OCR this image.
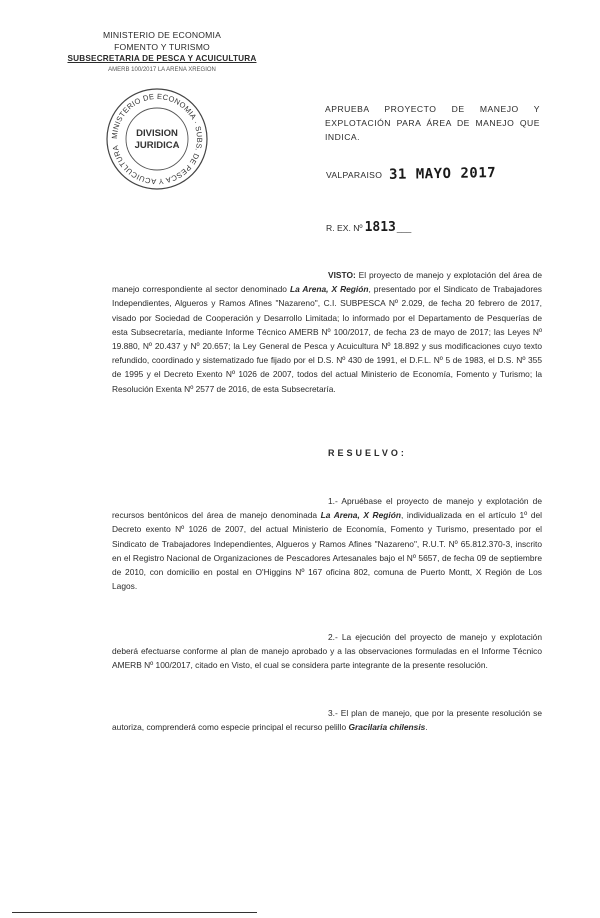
MINISTERIO DE ECONOMIA
FOMENTO Y TURISMO
SUBSECRETARIA DE PESCA Y ACUICULTURA
AMERB 100/2017 LA ARENA XREGION
MINISTERIO DE ECONOMIA · SUBS. DE PESCA Y ACUICULTURA
DIVISION
JURIDICA
APRUEBA PROYECTO DE MANEJO Y EXPLOTACIÓN PARA ÁREA DE MANEJO QUE INDICA.
VALPARAISO 31 MAYO 2017
R. EX. Nº 1813___
VISTO: El proyecto de manejo y explotación del área de manejo correspondiente al sector denominado La Arena, X Región, presentado por el Sindicato de Trabajadores Independientes, Algueros y Ramos Afines "Nazareno", C.I. SUBPESCA Nº 2.029, de fecha 20 febrero de 2017, visado por Sociedad de Cooperación y Desarrollo Limitada; lo informado por el Departamento de Pesquerías de esta Subsecretaría, mediante Informe Técnico AMERB Nº 100/2017, de fecha 23 de mayo de 2017; las Leyes Nº 19.880, Nº 20.437 y Nº 20.657; la Ley General de Pesca y Acuicultura Nº 18.892 y sus modificaciones cuyo texto refundido, coordinado y sistematizado fue fijado por el D.S. Nº 430 de 1991, el D.F.L. Nº 5 de 1983, el D.S. Nº 355 de 1995 y el Decreto Exento Nº 1026 de 2007, todos del actual Ministerio de Economía, Fomento y Turismo; la Resolución Exenta Nº 2577 de 2016, de esta Subsecretaría.
RESUELVO:
1.- Apruébase el proyecto de manejo y explotación de recursos bentónicos del área de manejo denominada La Arena, X Región, individualizada en el artículo 1º del Decreto exento Nº 1026 de 2007, del actual Ministerio de Economía, Fomento y Turismo, presentado por el Sindicato de Trabajadores Independientes, Algueros y Ramos Afines "Nazareno", R.U.T. Nº 65.812.370-3, inscrito en el Registro Nacional de Organizaciones de Pescadores Artesanales bajo el Nº 5657, de fecha 09 de septiembre de 2010, con domicilio en postal en O'Higgins Nº 167 oficina 802, comuna de Puerto Montt, X Región de Los Lagos.
2.- La ejecución del proyecto de manejo y explotación deberá efectuarse conforme al plan de manejo aprobado y a las observaciones formuladas en el Informe Técnico AMERB Nº 100/2017, citado en Visto, el cual se considera parte integrante de la presente resolución.
3.- El plan de manejo, que por la presente resolución se autoriza, comprenderá como especie principal el recurso pelillo Gracilaria chilensis.
